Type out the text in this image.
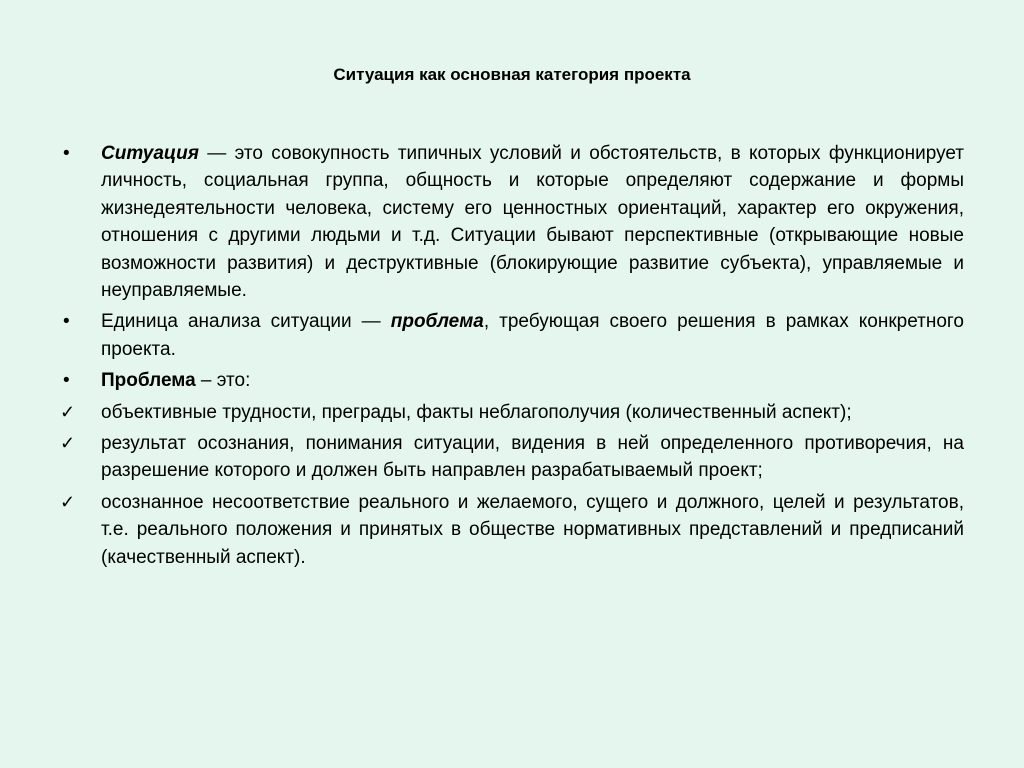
Ситуация как основная категория проекта
•	Ситуация — это совокупность типичных условий и обстоятельств, в которых функционирует личность, социальная группа, общность и которые определяют содержание и формы жизнедеятельности человека, систему его ценностных ориентаций, характер его окружения, отношения с другими людьми и т.д. Ситуации бывают перспективные (открывающие новые возможности развития) и деструктивные (блокирующие развитие субъекта), управляемые и неуправляемые.
•	Единица анализа ситуации — проблема, требующая своего решения в рамках конкретного проекта.
•	Проблема – это:
✓ объективные трудности, преграды, факты неблагополучия (количественный аспект);
✓ результат осознания, понимания ситуации, видения в ней определенного противоречия, на разрешение которого и должен быть направлен разрабатываемый проект;
✓ осознанное несоответствие реального и желаемого, сущего и должного, целей и результатов, т.е. реального положения и принятых в обществе нормативных представлений и предписаний (качественный аспект).
